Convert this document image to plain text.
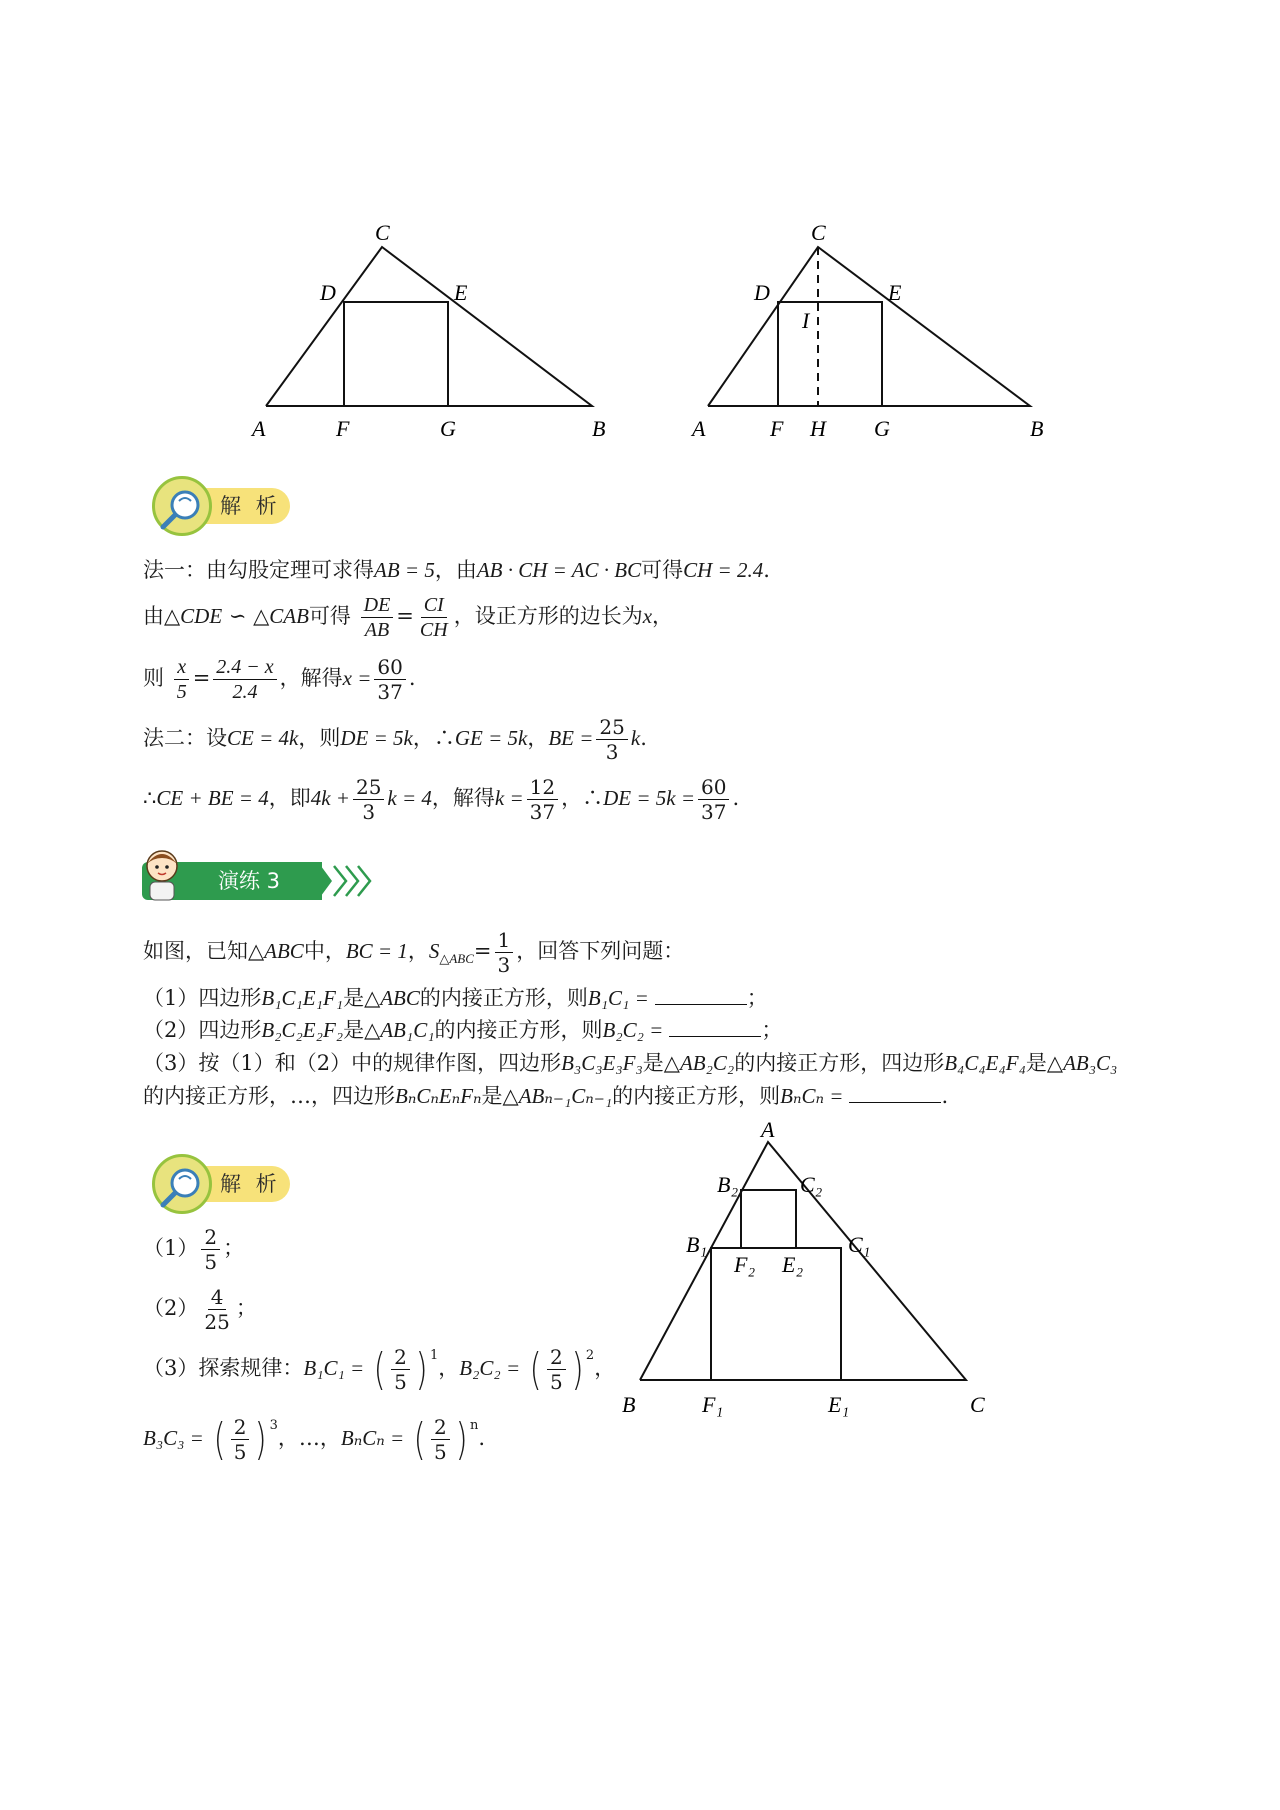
C
D	E
A	F	G	B
C
D	E
I
A	F H G	B
解 析
法一：由勾股定理可求得AB = 5，由AB · CH = AC · BC可得CH = 2.4.
由△CDE ∽ △CAB可得 $\frac{DE}{AB} = \frac{CI}{CH}$ ，设正方形的边长为x，
则 $\frac{x}{5} = \frac{2.4 - x}{2.4}$ ，解得$x = \frac{60}{37}$ .
法二：设CE = 4k，则DE = 5k，∴GE = 5k，BE = $\frac{25}{3} k$.
∴CE + BE = 4，即$4k + \frac{25}{3}$ k = 4，解得$k = \frac{12}{37}$ ，∴DE = $5k = \frac{60}{37}$ .
演练 3
如图，已知△ABC中，BC = 1，$S_{\triangle ABC}= \frac{1}{3}$ ，回答下列问题：
（1）四边形B₁C₁E₁F₁是△ABC的内接正方形，则B₁C₁ =	；
（2）四边形B₂C₂E₂F₂是△AB₁C₁的内接正方形，则B₂C₂ =	；
（3）按（1）和（2）中的规律作图，四边形B₃C₃E₃F₃是△AB₂C₂的内接正方形，四边形B₄C₄E₄F₄是△AB₃C₃
的内接正方形，…，四边形BₙCₙEₙFₙ是△ABₙ₋₁Cₙ₋₁的内接正方形，则BₙCₙ =	.
解 析
$(1) \frac{2}{5}$ ；
$(2) \frac{4}{25}$ ；
（3）探索规律：B₁C₁ = ( $\frac{2}{5}$ ) $^1$，B₂C₂ = ( $\frac{2}{5}$ ) $^2$，
B₃C₃ = ( $\frac{2}{5}$ ) $^3$，…，BₙCₙ = ( $\frac{2}{5}$ ) $^n$.
A
B₂	C₂
B₁	C₁
F₂ E₂
B	F₁	E₁	C
